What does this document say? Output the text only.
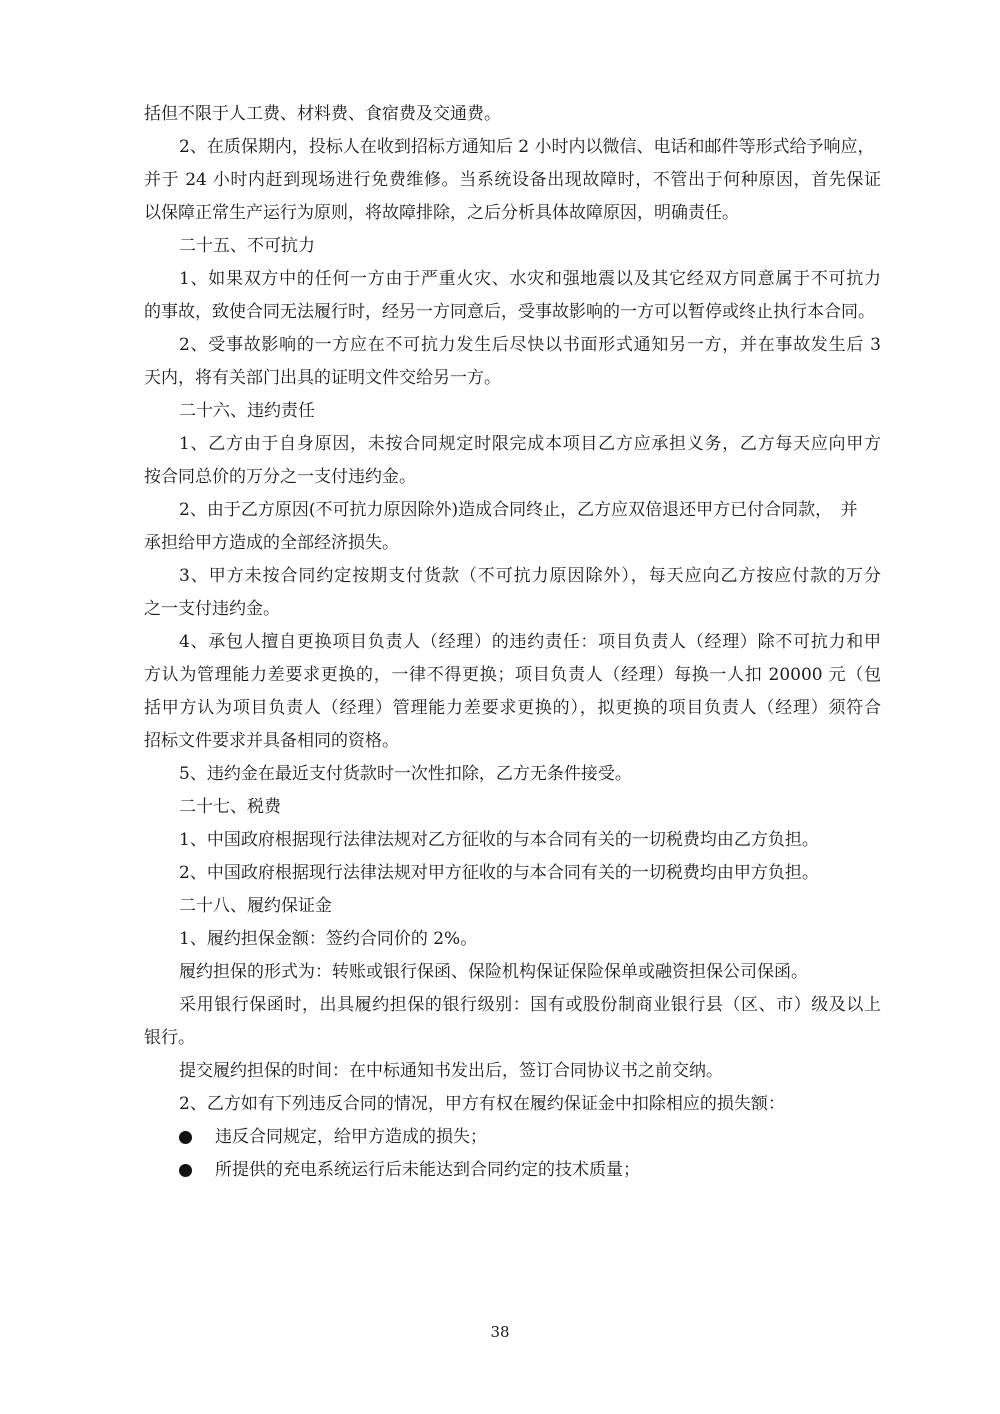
括但不限于人工费、材料费、食宿费及交通费。
2、在质保期内，投标人在收到招标方通知后 2 小时内以微信、电话和邮件等形式给予响应，
并于 24 小时内赶到现场进行免费维修。当系统设备出现故障时，不管出于何种原因，首先保证
以保障正常生产运行为原则，将故障排除，之后分析具体故障原因，明确责任。
二十五、不可抗力
1、如果双方中的任何一方由于严重火灾、水灾和强地震以及其它经双方同意属于不可抗力
的事故，致使合同无法履行时，经另一方同意后，受事故影响的一方可以暂停或终止执行本合同。
2、受事故影响的一方应在不可抗力发生后尽快以书面形式通知另一方，并在事故发生后 3
天内，将有关部门出具的证明文件交给另一方。
二十六、违约责任
1、乙方由于自身原因，未按合同规定时限完成本项目乙方应承担义务，乙方每天应向甲方
按合同总价的万分之一支付违约金。
2、由于乙方原因(不可抗力原因除外)造成合同终止，乙方应双倍退还甲方已付合同款，　并
承担给甲方造成的全部经济损失。
3、甲方未按合同约定按期支付货款（不可抗力原因除外），每天应向乙方按应付款的万分
之一支付违约金。
4、承包人擅自更换项目负责人（经理）的违约责任：项目负责人（经理）除不可抗力和甲
方认为管理能力差要求更换的，一律不得更换；项目负责人（经理）每换一人扣 20000 元（包
括甲方认为项目负责人（经理）管理能力差要求更换的），拟更换的项目负责人（经理）须符合
招标文件要求并具备相同的资格。
5、违约金在最近支付货款时一次性扣除，乙方无条件接受。
二十七、税费
1、中国政府根据现行法律法规对乙方征收的与本合同有关的一切税费均由乙方负担。
2、中国政府根据现行法律法规对甲方征收的与本合同有关的一切税费均由甲方负担。
二十八、履约保证金
1、履约担保金额：签约合同价的 2%。
履约担保的形式为：转账或银行保函、保险机构保证保险保单或融资担保公司保函。
采用银行保函时，出具履约担保的银行级别：国有或股份制商业银行县（区、市）级及以上
银行。
提交履约担保的时间：在中标通知书发出后，签订合同协议书之前交纳。
2、乙方如有下列违反合同的情况，甲方有权在履约保证金中扣除相应的损失额：
违反合同规定，给甲方造成的损失；
所提供的充电系统运行后未能达到合同约定的技术质量；
38
